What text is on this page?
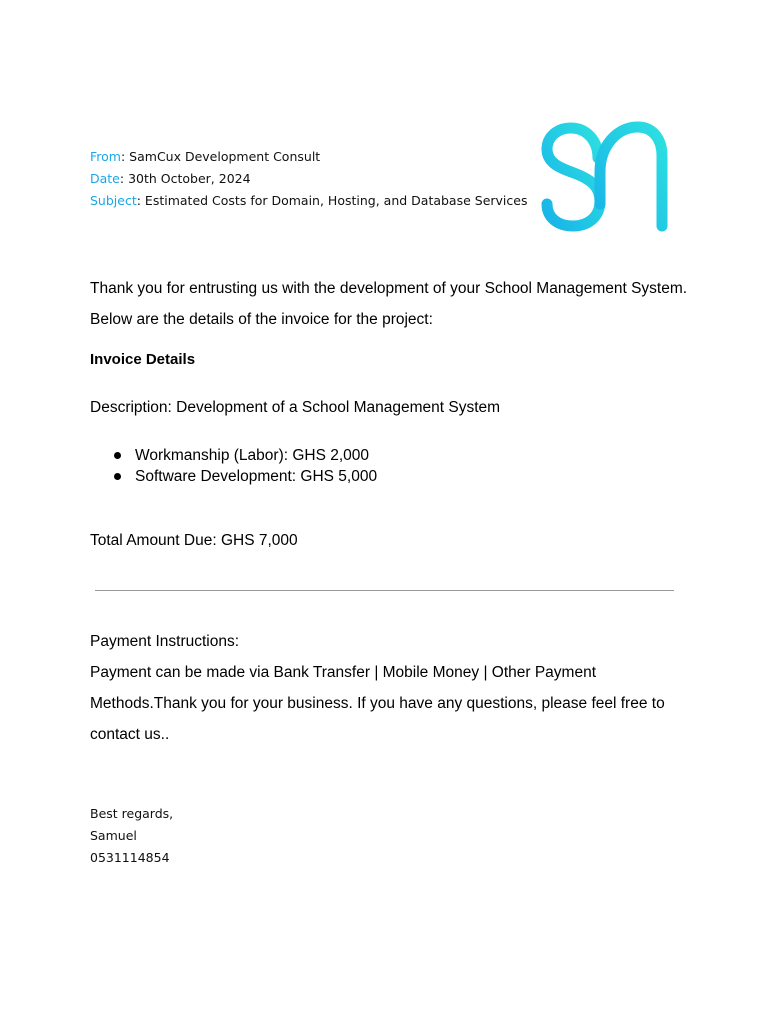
From: SamCux Development Consult
Date: 30th October, 2024
Subject: Estimated Costs for Domain, Hosting, and Database Services
Thank you for entrusting us with the development of your School Management System.
Below are the details of the invoice for the project:
Invoice Details
Description: Development of a School Management System
Workmanship (Labor): GHS 2,000
Software Development: GHS 5,000
Total Amount Due: GHS 7,000

Payment Instructions:

Payment can be made via Bank Transfer | Mobile Money | Other Payment

Methods.Thank you for your business. If you have any questions, please feel free to

contact us..

Best regards,
Samuel
0531114854
